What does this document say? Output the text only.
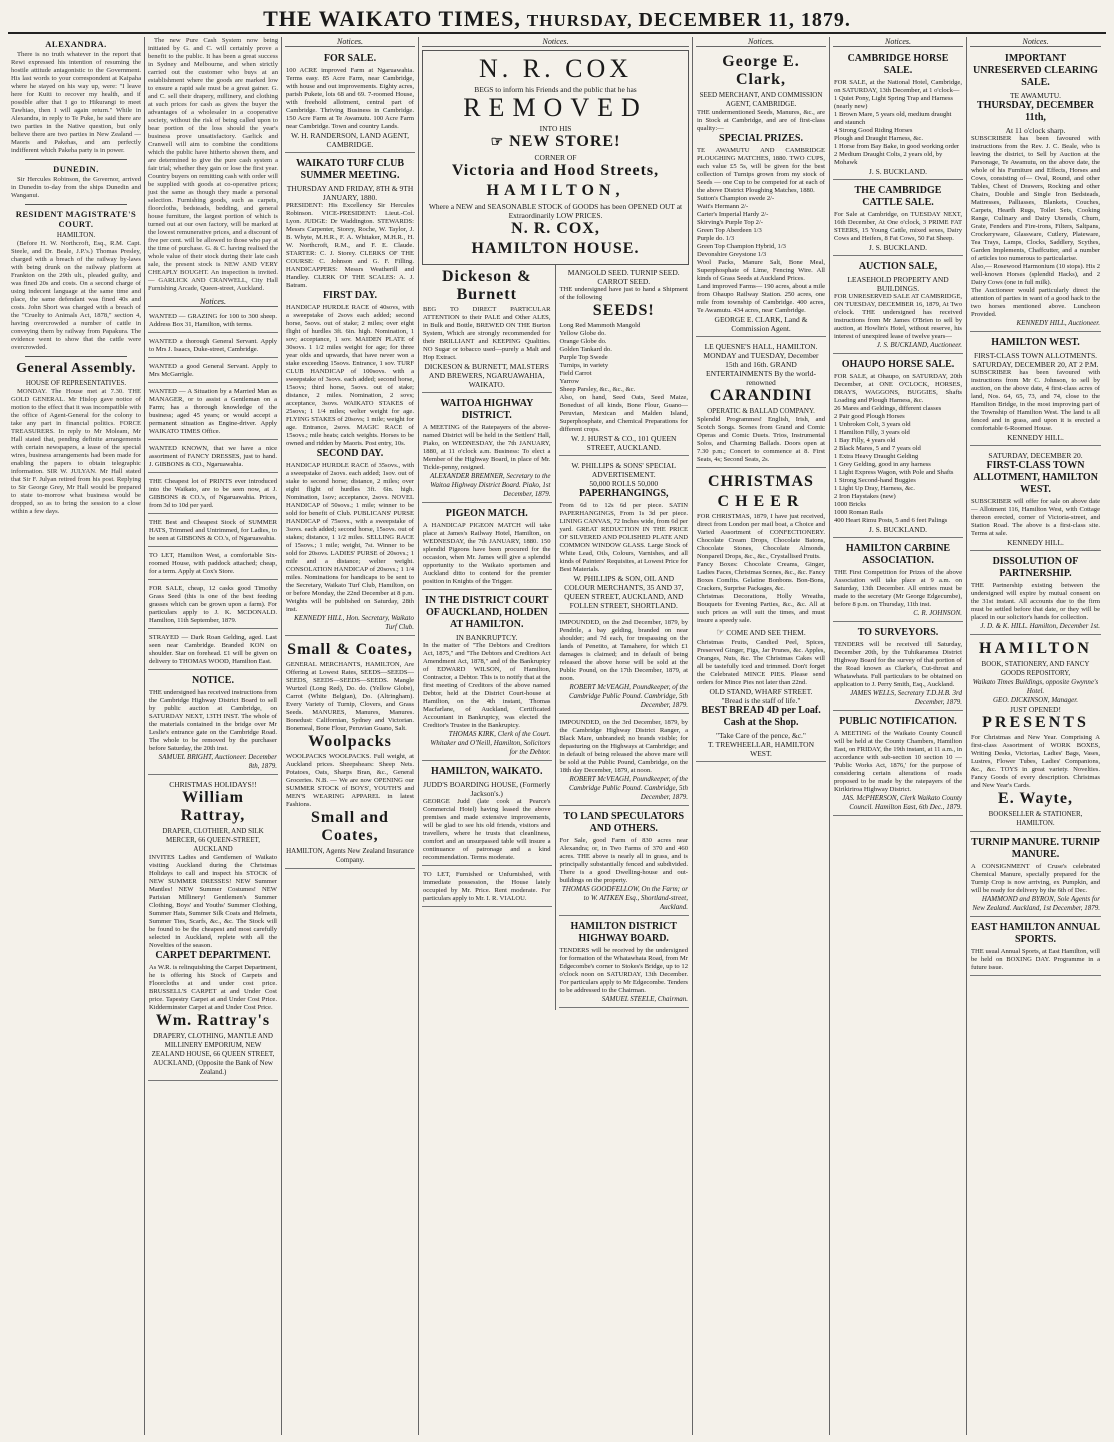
THE WAIKATO TIMES, THURSDAY, DECEMBER 11, 1879.
ALEXANDRA.
There is no truth whatever in the report that Rewi expressed his intention of resuming the hostile attitude antagonistic to the Government. His last words to your correspondent at Kaipaha where he stayed on his way up, were: "I leave here for Kuiti to recover my health, and if possible after that I go to Hikurangi to meet Tawhiao, then I will again return." While in Alexandra, in reply to Te Puke, he said there are two parties in the Native question, but only believe there are two parties in New Zealand — Maoris and Pakehas, and am perfectly indifferent which Pakeha party is in power.
DUNEDIN.
Sir Hercules Robinson, the Governor, arrived in Dunedin to-day from the ships Dunedin and Wanganui.
RESIDENT MAGISTRATE'S COURT.
HAMILTON.
(Before H. W. Northcroft, Esq., R.M. Capt. Steele, and Dr. Beale, J.P.'s.) Thomas Presley, charged with a breach of the railway by-laws with being drunk on the railway platform at Frankton on the 29th ult., pleaded guilty, and was fined 20s and costs. On a second charge of using indecent language at the same time and place, the same defendant was fined 40s and costs. John Short was charged with a breach of the "Cruelty to Animals Act, 1878," section 4, having overcrowded a number of cattle in conveying them by railway from Papakura. The evidence went to show that the cattle were overcrowded.
General Assembly.
HOUSE OF REPRESENTATIVES.
MONDAY. The House met at 7.30. THE GOLD GENERAL. Mr Hislop gave notice of motion to the effect that it was incompatible with the office of Agent-General for the colony to take any part in financial politics. FORCE TREASURERS. In reply to Mr Moleam, Mr Hall stated that, pending definite arrangements with certain newspapers, a lease of the special wires, business arrangements had been made for enabling the papers to obtain telegraphic information. SIR W. JULYAN. Mr Hall stated that Sir F. Julyan retired from his post. Replying to Sir George Grey, Mr Hall would be prepared to state to-morrow what business would be dropped, so as to bring the session to a close within a few days.
The new Pure Cash System now being initiated by G. and C. will certainly prove a benefit to the public. It has been a great success in Sydney and Melbourne, and when strictly carried out the customer who buys at an establishment where the goods are marked low to ensure a rapid sale must be a great gainer. G. and C. sell their drapery, millinery, and clothing at such prices for cash as gives the buyer the advantages of a wholesaler in a cooperative society, without the risk of being called upon to bear portion of the loss should the year's business prove unsatisfactory. Garlick and Cranwell will aim to combine the conditions which the public have hitherto shown them, and are determined to give the pure cash system a fair trial; whether they gain or lose the first year. Country buyers on remitting cash with order will be supplied with goods at co-operative prices; just the same as though they made a personal selection. Furnishing goods, such as carpets, floorcloths, bedsteads, bedding, and general house furniture, the largest portion of which is turned out at our own factory, will be marked at the lowest remunerative prices, and a discount of five per cent. will be allowed to those who pay at the time of purchase. G. & C. having realised the whole value of their stock during their late cash sale, the present stock is NEW AND VERY CHEAPLY BOUGHT. An inspection is invited. — GARLICK AND CRANWELL, City Hall Furnishing Arcade, Queen-street, Auckland.
Notices.
WANTED — GRAZING for 100 to 300 sheep. Address Box 31, Hamilton, with terms.
WANTED a thorough General Servant. Apply to Mrs J. Isaacs, Duke-street, Cambridge.
WANTED a good General Servant. Apply to Mrs McGarrigle.
WANTED — A Situation by a Married Man as MANAGER, or to assist a Gentleman on a Farm; has a thorough knowledge of the business; aged 45 years; or would accept a permanent situation as Engine-driver. Apply WAIKATO TIMES Office.
WANTED KNOWN, that we have a nice assortment of FANCY DRESSES, just to hand. J. GIBBONS & CO., Ngaruawahia.
THE Cheapest lot of PRINTS ever introduced into the Waikato, are to be seen now, at J. GIBBONS & CO.'s, of Ngaruawahia. Prices, from 3d to 10d per yard.
THE Best and Cheapest Stock of SUMMER HATS, Trimmed and Untrimmed, for Ladies, to be seen at GIBBONS & CO.'s, of Ngaruawahia.
TO LET, Hamilton West, a comfortable Six-roomed House, with paddock attached; cheap, for a term. Apply at Cox's Store.
FOR SALE, cheap, 12 casks good Timothy Grass Seed (this is one of the best feeding grasses which can be grown upon a farm). For particulars apply to J. K. MCDONALD. Hamilton, 11th September, 1879.
STRAYED — Dark Roan Gelding, aged. Last seen near Cambridge. Branded KON on shoulder. Star on forehead. £1 will be given on delivery to THOMAS WOOD, Hamilton East.
NOTICE.
THE undersigned has received instructions from the Cambridge Highway District Board to sell by public auction at Cambridge, on SATURDAY NEXT, 13TH INST. The whole of the materials contained in the bridge over Mr Leslie's entrance gate on the Cambridge Road. The whole to be removed by the purchaser before Saturday, the 20th inst.
SAMUEL BRIGHT, Auctioneer. December 8th, 1879.
CHRISTMAS HOLIDAYS!!
William Rattray,
DRAPER, CLOTHIER, AND SILK MERCER, 66 QUEEN-STREET, AUCKLAND
INVITES Ladies and Gentlemen of Waikato visiting Auckland during the Christmas Holidays to call and inspect his STOCK of NEW SUMMER DRESSES! NEW Summer Mantles! NEW Summer Costumes! NEW Parisian Millinery! Gentlemen's Summer Clothing, Boys' and Youths' Summer Clothing, Summer Hats, Summer Silk Coats and Helmets, Summer Ties, Scarfs, &c., &c. The Stock will be found to be the cheapest and most carefully selected in Auckland, replete with all the Novelties of the season.
CARPET DEPARTMENT.
As W.R. is relinquishing the Carpet Department, he is offering his Stock of Carpets and Floorcloths at and under cost price. BRUSSELL'S CARPET at and Under Cost price. Tapestry Carpet at and Under Cost Price. Kidderminster Carpet at and Under Cost Price.
Wm. Rattray's
DRAPERY, CLOTHING, MANTLE AND MILLINERY EMPORIUM, NEW ZEALAND HOUSE, 66 QUEEN STREET, AUCKLAND, (Opposite the Bank of New Zealand.)
Notices.
FOR SALE.
100 ACRE improved Farm at Ngaruawahia. Terms easy. 85 Acre Farm, near Cambridge, with house and out improvements. Eighty acres, parish Pukete, lots 68 and 69. 7-roomed House, with freehold allotment, central part of Cambridge. Thriving Business in Cambridge. 150 Acre Farm at Te Awamutu. 100 Acre Farm near Cambridge. Town and country Lands.
W. H. RANDERSON, LAND AGENT, CAMBRIDGE.
WAIKATO TURF CLUB SUMMER MEETING.
THURSDAY AND FRIDAY, 8TH & 9TH JANUARY, 1880.
PRESIDENT: His Excellency Sir Hercules Robinson. VICE-PRESIDENT: Lieut.-Col. Lyon. JUDGE: Dr Waddington. STEWARDS: Messrs Carpenter, Storey, Roche, W. Taylor, J. B. Whyte, M.H.R., F. A. Whitaker, M.H.R., H. W. Northcroft, R.M., and F. E. Claude. STARTER: C. J. Storey. CLERKS OF THE COURSE: C. Johnson and G. F. Filling. HANDICAPPERS: Messrs Weatherill and Handley. CLERK OF THE SCALES: A. J. Batram.
FIRST DAY.
HANDICAP HURDLE RACE of 40sovs, with a sweepstake of 2sovs each added; second horse, 5sovs. out of stake; 2 miles; over eight flight of hurdles 3ft. 6in. high. Nomination, 1 sov; acceptance, 1 sov. MAIDEN PLATE of 30sovs. 1 1/2 miles weight for age; for three year olds and upwards, that have never won a stake exceeding 15sovs. Entrance, 1 sov. TURF CLUB HANDICAP of 100sovs. with a sweepstake of 3sovs. each added; second horse, 15sovs; third horse, 5sovs. out of stake; distance, 2 miles. Nomination, 2 sovs; acceptance, 3sovs. WAIKATO STAKES of 25sovs; 1 1/4 miles; welter weight for age. FLYING STAKES of 20sovs; 1 mile; weight for age. Entrance, 2sovs. MAGIC RACE of 15sovs.; mile heats; catch weights. Horses to be owned and ridden by Maoris. Post entry, 10s.
SECOND DAY.
HANDICAP HURDLE RACE of 35sovs., with a sweepstake of 2sovs. each added; 1sov. out of stake to second horse; distance, 2 miles; over eight flight of hurdles 3ft. 6in. high. Nomination, 1sov; acceptance, 2sovs. NOVEL HANDICAP of 50sovs.; 1 mile; winner to be sold for benefit of Club. PUBLICANS' PURSE HANDICAP of 75sovs., with a sweepstake of 3sovs. each added; second horse, 15sovs. out of stakes; distance, 1 1/2 miles. SELLING RACE of 15sovs.; 1 mile; weight, 7st. Winner to be sold for 20sovs. LADIES' PURSE of 20sovs.; 1 mile and a distance; welter weight. CONSOLATION HANDICAP of 20sovs.; 1 1/4 miles. Nominations for handicaps to be sent to the Secretary, Waikato Turf Club, Hamilton, on or before Monday, the 22nd December at 8 p.m. Weights will be published on Saturday, 28th inst.
KENNEDY HILL, Hon. Secretary, Waikato Turf Club.
Small & Coates,
GENERAL MERCHANTS, HAMILTON, Are Offering at Lowest Rates, SEEDS—SEEDS—SEEDS, SEEDS—SEEDS—SEEDS. Mangle Wurtzel (Long Red), Do. do. (Yellow Globe), Carrot (White Belgian), Do. (Altringham). Every Variety of Turnip, Clovers, and Grass Seeds. MANURES, Manures, Manures. Bonedust: Californian, Sydney and Victorian. Bonemeal, Bone Flour, Peruvian Guano, Salt.
Woolpacks
WOOLPACKS WOOLPACKS. Full weight, at Auckland prices. Sheepshears: Sheep Nets. Potatoes, Oats, Sharps Bran, &c., General Groceries. N.B. — We are now OPENING our SUMMER STOCK of BOYS', YOUTH'S and MEN'S WEARING APPAREL in latest Fashions.
Small and Coates,
HAMILTON, Agents New Zealand Insurance Company.
Notices.
N. R. COX
BEGS to inform his Friends and the public that he has
REMOVED
INTO HIS
☞ NEW STORE!
CORNER OF
Victoria and Hood Streets,
HAMILTON,
Where a NEW and SEASONABLE STOCK of GOODS has been OPENED OUT at Extraordinarily LOW PRICES.
N. R. COX,
HAMILTON HOUSE.
Dickeson & Burnett
BEG TO DIRECT PARTICULAR ATTENTION to their PALE and Other ALES, in Bulk and Bottle, BREWED ON THE Burton System, Which are strongly recommended for their BRILLIANT and KEEPING Qualities. NO Sugar or tobacco used—purely a Malt and Hop Extract.
DICKESON & BURNETT, MALSTERS AND BREWERS, NGARUAWAHIA, WAIKATO.
WAITOA HIGHWAY DISTRICT.
A MEETING of the Ratepayers of the above-named District will be held in the Settlers' Hall, Piako, on WEDNESDAY, the 7th JANUARY, 1880, at 11 o'clock a.m. Business: To elect a Member of the Highway Board, in place of Mr. Tickle-penny, resigned.
ALEXANDER BREMNER, Secretary to the Waitoa Highway District Board. Piako, 1st December, 1879.
PIGEON MATCH.
A HANDICAP PIGEON MATCH will take place at James's Railway Hotel, Hamilton, on WEDNESDAY, the 7th JANUARY, 1880. 150 splendid Pigeons have been procured for the occasion, when Mr. James will give a splendid opportunity to the Waikato sportsmen and Auckland ditto to contend for the premier position in Knights of the Trigger.
IN THE DISTRICT COURT OF AUCKLAND, HOLDEN AT HAMILTON.
IN BANKRUPTCY.
In the matter of "The Debtors and Creditors Act, 1875," and "The Debtors and Creditors Act Amendment Act, 1878," and of the Bankruptcy of EDWARD WILSON, of Hamilton, Contractor, a Debtor. This is to notify that at the first meeting of Creditors of the above named Debtor, held at the District Court-house at Hamilton, on the 4th instant, Thomas Macfarlane, of Auckland, Certificated Accountant in Bankruptcy, was elected the Creditor's Trustee in the Bankruptcy.
THOMAS KIRK, Clerk of the Court. Whitaker and O'Neill, Hamilton, Solicitors for the Debtor.
HAMILTON, WAIKATO.
JUDD'S BOARDING HOUSE, (Formerly Jackson's.)
GEORGE Judd (late cook at Pearce's Commercial Hotel) having leased the above premises and made extensive improvements, will be glad to see his old friends, visitors and travellers, where he trusts that cleanliness, comfort and an unsurpassed table will insure a continuance of patronage and a kind recommendation. Terms moderate.
TO LET, Furnished or Unfurnished, with immediate possession, the House lately occupied by Mr. Price. Rent moderate. For particulars apply to Mr. I. R. VIALOU.
MANGOLD SEED. TURNIP SEED. CARROT SEED.
THE undersigned have just to hand a Shipment of the following
SEEDS!
Long Red Mammoth Mangold
Yellow Globe do.
Orange Globe do.
Golden Tankard do.
Purple Top Swede
Turnips, in variety
Field Carrot
Yarrow
Sheep Parsley, &c., &c., &c.
Also, on hand, Seed Oats, Seed Maize, Bonedust of all kinds, Bone Flour, Guano—Peruvian, Mexican and Malden Island, Superphosphate, and Chemical Preparations for different crops.
W. J. HURST & CO., 101 QUEEN STREET, AUCKLAND.
W. PHILLIPS & SONS' SPECIAL ADVERTISEMENT.
50,000 ROLLS 50,000
PAPERHANGINGS,
From 6d to 12s 6d per piece. SATIN PAPERHANGINGS, From 1s 3d per piece. LINING CANVAS, 72 Inches wide, from 6d per yard. GREAT REDUCTION IN THE PRICE OF SILVERED AND POLISHED PLATE AND COMMON WINDOW GLASS. Large Stock of White Lead, Oils, Colours, Varnishes, and all kinds of Painters' Requisites, at Lowest Price for Best Materials.
W. PHILLIPS & SON, OIL AND COLOUR MERCHANTS, 35 AND 37, QUEEN STREET, AUCKLAND, AND FOLLEN STREET, SHORTLAND.
IMPOUNDED, on the 2nd December, 1879, by Pendrile, a bay gelding, branded on near shoulder; and 7d each, for trespassing on the lands of Penetito, at Tamahere, for which £1 damages is claimed; and in default of being released the above horse will be sold at the Public Pound, on the 17th December, 1879, at noon.
ROBERT McVEAGH, Poundkeeper, of the Cambridge Public Pound. Cambridge, 5th December, 1879.
IMPOUNDED, on the 3rd December, 1879, by the Cambridge Highway District Ranger, a Black Mare, unbranded; no brands visible; for depasturing on the Highways at Cambridge; and in default of being released the above mare will be sold at the Public Pound, Cambridge, on the 18th day December, 1879, at noon.
ROBERT McVEAGH, Poundkeeper, of the Cambridge Public Pound. Cambridge, 5th December, 1879.
TO LAND SPECULATORS AND OTHERS.
For Sale, good Farm of 830 acres near Alexandra; or, in Two Farms of 370 and 460 acres. THE above is nearly all in grass, and is principally substantially fenced and subdivided. There is a good Dwelling-house and out-buildings on the property.
THOMAS GOODFELLOW, On the Farm; or to W. AITKEN Esq., Shortland-street, Auckland.
HAMILTON DISTRICT HIGHWAY BOARD.
TENDERS will be received by the undersigned for formation of the Whatawhata Road, from Mr Edgecombe's corner to Stokes's Bridge, up to 12 o'clock noon on SATURDAY, 13th December. For particulars apply to Mr Edgecombe. Tenders to be addressed to the Chairman.
SAMUEL STEELE, Chairman.
Notices.
George E. Clark,
SEED MERCHANT, AND COMMISSION AGENT, CAMBRIDGE.
THE undermentioned Seeds, Manures, &c., are in Stock at Cambridge, and are of first-class quality:—
SPECIAL PRIZES.
TE AWAMUTU AND CAMBRIDGE PLOUGHING MATCHES, 1880. TWO CUPS, each value £5 5s, will be given for the best collection of Turnips grown from my stock of Seeds — one Cup to be competed for at each of the above District Ploughing Matches, 1880.
Sutton's Champion swede 2/-
Wait's Hermann 2/-
Carter's Imperial Hardy 2/-
Skirving's Purple Top 2/-
Green Top Aberdeen 1/3
Purple do. 1/3
Green Top Champion Hybrid, 1/3
Devonshire Greystone 1/3
Wool Packs, Manure Salt, Bone Meal, Superphosphate of Lime, Fencing Wire. All kinds of Grass Seeds at Auckland Prices.
Land improved Farms— 190 acres, about a mile from Ohaupo Railway Station. 250 acres, one mile from township of Cambridge. 400 acres, Te Awamutu. 434 acres, near Cambridge.
GEORGE E. CLARK, Land & Commission Agent.
LE QUESNE'S HALL, HAMILTON. MONDAY and TUESDAY, December 15th and 16th. GRAND ENTERTAINMENTS By the world-renowned
CARANDINI
OPERATIC & BALLAD COMPANY.
Splendid Programmes! English, Irish, and Scotch Songs. Scenes from Grand and Comic Operas and Comic Duets. Trios, Instrumental Solos, and Charming Ballads. Doors open at 7.30 p.m.; Concert to commence at 8. First Seats, 4s; Second Seats, 2s.
CHRISTMAS
CHEER
FOR CHRISTMAS, 1879, I have just received, direct from London per mail boat, a Choice and Varied Assortment of CONFECTIONERY. Chocolate Cream Drops, Chocolate Batons, Chocolate Stones, Chocolate Almonds, Nonpareil Drops, &c., &c., Crystallised Fruits.
Fancy Boxes: Chocolate Creams, Ginger, Ladies Faces, Christmas Scenes, &c., &c. Fancy Boxes Comfits. Gelatine Bonbons. Bon-Bons, Crackers, Surprise Packages, &c.
Christmas Decorations, Holly Wreaths, Bouquets for Evening Parties, &c., &c. All at such prices as will suit the times, and must insure a speedy sale.
☞ COME AND SEE THEM.
Christmas Fruits, Candied Peel, Spices, Preserved Ginger, Figs, Jar Prunes, &c. Apples, Oranges, Nuts, &c. The Christmas Cakes will all be tastefully iced and trimmed. Don't forget the Celebrated MINCE PIES. Please send orders for Mince Pies not later than 22nd.
OLD STAND, WHARF STREET.
"Bread is the staff of life."
BEST BREAD 4D per Loaf. Cash at the Shop.
"Take Care of the pence, &c."
T. TREWHEELLAR, HAMILTON WEST.
Notices.
CAMBRIDGE HORSE SALE.
FOR SALE, at the National Hotel, Cambridge, on SATURDAY, 13th December, at 1 o'clock—
1 Quiet Pony, Light Spring Trap and Harness (nearly new)
1 Brown Mare, 5 years old, medium draught and staunch
4 Strong Good Riding Horses
Plough and Draught Harness, &c.
1 Horse from Bay Bake, in good working order
2 Medium Draught Colts, 2 years old, by Mohawk
J. S. BUCKLAND.
THE CAMBRIDGE CATTLE SALE.
For Sale at Cambridge, on TUESDAY NEXT, 16th December, At One o'clock, 3 PRIME FAT STEERS, 15 Young Cattle, mixed sexes, Dairy Cows and Heifers, 8 Fat Cows, 50 Fat Sheep.
J. S. BUCKLAND.
AUCTION SALE,
LEASEHOLD PROPERTY AND BUILDINGS.
FOR UNRESERVED SALE AT CAMBRIDGE, ON TUESDAY, DECEMBER 16, 1879, At Two o'clock. THE undersigned has received instructions from Mr James O'Brien to sell by auction, at Howlin's Hotel, without reserve, his interest of unexpired lease of twelve years—
J. S. BUCKLAND, Auctioneer.
OHAUPO HORSE SALE.
FOR SALE, at Ohaupo, on SATURDAY, 20th December, at ONE O'CLOCK, HORSES, DRAYS, WAGGONS, BUGGIES, Shafts Loading and Plough Harness, &c.
26 Mares and Geldings, different classes
2 Pair good Plough Horses
1 Unbroken Colt, 3 years old
1 Hamilton Filly, 3 years old
1 Bay Filly, 4 years old
2 Black Mares, 5 and 7 years old
1 Extra Heavy Draught Gelding
1 Grey Gelding, good in any harness
1 Light Express Wagon, with Pole and Shafts
1 Strong Second-hand Buggies
1 Light Up Dray, Harness, &c.
2 Iron Haystakes (new)
1000 Bricks
1000 Roman Rails
400 Heart Rimu Posts, 5 and 6 feet Palings
J. S. BUCKLAND.
HAMILTON CARBINE ASSOCIATION.
THE First Competition for Prizes of the above Association will take place at 9 a.m. on Saturday, 13th December. All entries must be made to the secretary (Mr George Edgecumbe), before 8 p.m. on Thursday, 11th inst.
C. R. JOHNSON.
TO SURVEYORS.
TENDERS will be received till Saturday, December 20th, by the Tuhikaramea District Highway Board for the survey of that portion of the Road known as Clarke's, Cut-throat and Whatawhata. Full particulars to be obtained on application to J. Perry Smith, Esq., Auckland.
JAMES WELLS, Secretary T.D.H.B. 3rd December, 1879.
PUBLIC NOTIFICATION.
A MEETING of the Waikato County Council will be held at the County Chambers, Hamilton East, on FRIDAY, the 19th instant, at 11 a.m., in accordance with sub-section 10 section 10 — 'Public Works Act, 1876,' for the purpose of considering certain alterations of roads proposed to be made by the ratepayers of the Kirikiriroa Highway District.
JAS. McPHERSON, Clerk Waikato County Council. Hamilton East, 6th Dec., 1879.
Notices.
IMPORTANT UNRESERVED CLEARING SALE.
TE AWAMUTU.
THURSDAY, DECEMBER 11th,
At 11 o'clock sharp.
SUBSCRIBER has been favoured with instructions from the Rev. J. C. Beale, who is leaving the district, to Sell by Auction at the Parsonage, Te Awamutu, on the above date, the whole of his Furniture and Effects, Horses and Cows, consisting of— Oval, Round, and other Tables, Chest of Drawers, Rocking and other Chairs, Double and Single Iron Bedsteads, Mattresses, Palliasses, Blankets, Couches, Carpets, Hearth Rugs, Toilet Sets, Cooking Range, Culinary and Dairy Utensils, Churn, Grate, Fenders and Fire-irons, Filters, Saltpans, Crockeryware, Glassware, Cutlery, Plateware, Tea Trays, Lamps, Clocks, Saddlery, Scythes, Garden Implements, Chaffcutter, and a number of articles too numerous to particularise.
Also,— Rosewood Harmonium (10 stops). His 2 well-known Horses (splendid Hacks), and 2 Dairy Cows (one in full milk).
The Auctioneer would particularly direct the attention of parties in want of a good hack to the two horses mentioned above. Luncheon Provided.
KENNEDY HILL, Auctioneer.
HAMILTON WEST.
FIRST-CLASS TOWN ALLOTMENTS.
SATURDAY, DECEMBER 20, AT 2 P.M.
SUBSCRIBER has been favoured with instructions from Mr C. Johnson, to sell by auction, on the above date, 4 first-class acres of land, Nos. 64, 65, 73, and 74, close to the Hamilton Bridge, in the most improving part of the Township of Hamilton West. The land is all fenced and in grass, and upon it is erected a comfortable 6-Roomed House.
KENNEDY HILL.
SATURDAY, DECEMBER 20.
FIRST-CLASS TOWN ALLOTMENT, HAMILTON WEST.
SUBSCRIBER will offer for sale on above date— Allotment 116, Hamilton West, with Cottage thereon erected, corner of Victoria-street, and Station Road. The above is a first-class site. Terms at sale.
KENNEDY HILL.
DISSOLUTION OF PARTNERSHIP.
THE Partnership existing between the undersigned will expire by mutual consent on the 31st instant. All accounts due to the firm must be settled before that date, or they will be placed in our solicitor's hands for collection.
J. D. & K. HILL. Hamilton, December 1st.
HAMILTON
BOOK, STATIONERY, AND FANCY GOODS REPOSITORY,
Waikato Times Buildings, opposite Gwynne's Hotel.
GEO. DICKINSON, Manager.
JUST OPENED!
PRESENTS
For Christmas and New Year. Comprising A first-class Assortment of WORK BOXES, Writing Desks, Victorias, Ladies' Bags, Vases, Lustres, Flower Tubes, Ladies' Companions, &c., &c. TOYS in great variety. Novelties. Fancy Goods of every description. Christmas and New Year's Cards.
E. Wayte,
BOOKSELLER & STATIONER, HAMILTON.
TURNIP MANURE. TURNIP MANURE.
A CONSIGNMENT of Cruse's celebrated Chemical Manure, specially prepared for the Turnip Crop is now arriving, ex Pumpkin, and will be ready for delivery by the 6th of Dec.
HAMMOND and BYRON, Sole Agents for New Zealand. Auckland, 1st December, 1879.
EAST HAMILTON ANNUAL SPORTS.
THE usual Annual Sports, at East Hamilton, will be held on BOXING DAY. Programme in a future issue.
